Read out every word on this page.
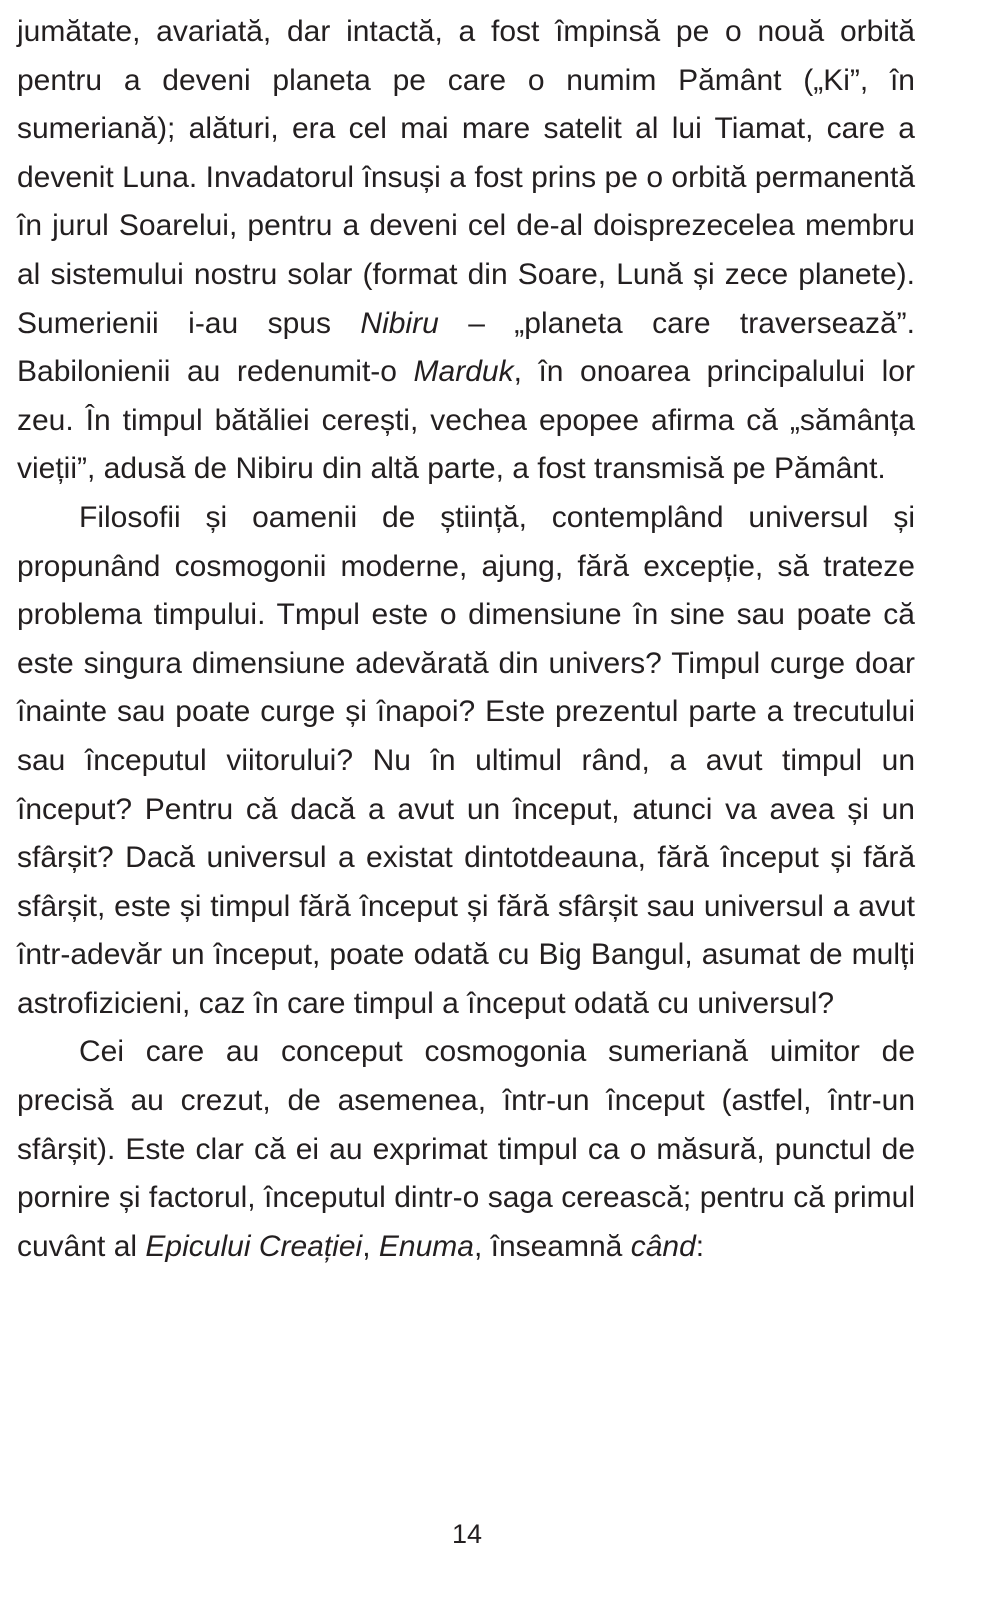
jumătate, avariată, dar intactă, a fost împinsă pe o nouă orbită pentru a deveni planeta pe care o numim Pământ („Ki”, în sumeriană); alături, era cel mai mare satelit al lui Tiamat, care a devenit Luna. Invadatorul însuși a fost prins pe o orbită permanentă în jurul Soarelui, pentru a deveni cel de-al doisprezecelea membru al sistemului nostru solar (format din Soare, Lună și zece planete). Sumerienii i-au spus Nibiru – „planeta care traversează”. Babilonienii au redenumit-o Marduk, în onoarea principalului lor zeu. În timpul bătăliei cerești, vechea epopee afirma că „sămânța vieții”, adusă de Nibiru din altă parte, a fost transmisă pe Pământ.

Filosofii și oamenii de știință, contemplând universul și propunând cosmogonii moderne, ajung, fără excepție, să trateze problema timpului. Tmpul este o dimensiune în sine sau poate că este singura dimensiune adevărată din univers? Timpul curge doar înainte sau poate curge și înapoi? Este prezentul parte a trecutului sau începutul viitorului? Nu în ultimul rând, a avut timpul un început? Pentru că dacă a avut un început, atunci va avea și un sfârșit? Dacă universul a existat dintotdeauna, fără început și fără sfârșit, este și timpul fără început și fără sfârșit sau universul a avut într-adevăr un început, poate odată cu Big Bangul, asumat de mulți astrofizicieni, caz în care timpul a început odată cu universul?

Cei care au conceput cosmogonia sumeriană uimitor de precisă au crezut, de asemenea, într-un început (astfel, într-un sfârșit). Este clar că ei au exprimat timpul ca o măsură, punctul de pornire și factorul, începutul dintr-o saga cerească; pentru că primul cuvânt al Epicului Creației, Enuma, înseamnă când:

14
